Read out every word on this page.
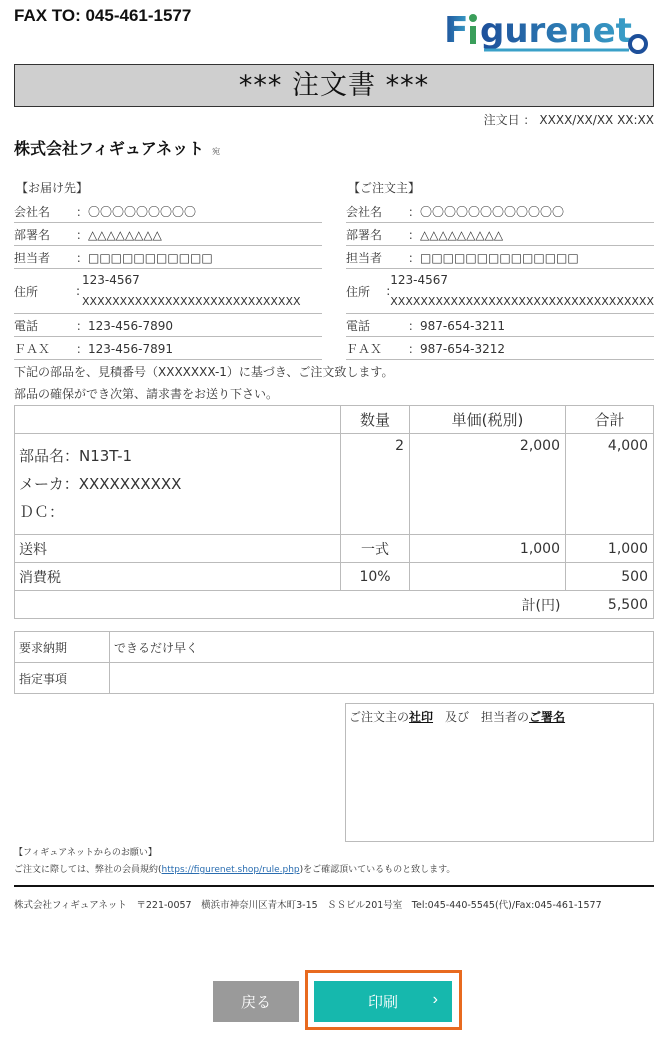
FAX TO: 045-461-1577	F gurenet
*** 注文書 ***
注文日 ： XXXX/XX/XX XX:XX
株式会社フィギュアネット 宛
【お届け先】
会社名	：〇〇〇〇〇〇〇〇〇
部署名	：△△△△△△△△
担当者	：□□□□□□□□□□□
住所	:
123-4567
XXXXXXXXXXXXXXXXXXXXXXXXXXXXX
電話	：123-456-7890
ＦＡＸ	：123-456-7891
【ご注文主】
会社名	：〇〇〇〇〇〇〇〇〇〇〇〇
部署名	：△△△△△△△△△
担当者	：□□□□□□□□□□□□□□
住所	:
123-4567
XXXXXXXXXXXXXXXXXXXXXXXXXXXXXXXXXXX
電話	：987-654-3211
ＦＡＸ	：987-654-3212
下記の部品を、見積番号（XXXXXXX-1）に基づき、ご注文致します。
部品の確保ができ次第、請求書をお送り下さい。
	数量	単価(税別)	合計

部品名：N13T-1
メーカ：XXXXXXXXXX
ＤＣ：	2	2,000	4,000
送料	一式	1,000	1,000
消費税	10%		500
計(円)			5,500
要求納期	できるだけ早く
指定事項	
ご注文主の社印　及び　担当者のご署名
【フィギュアネットからのお願い】
ご注文に際しては、弊社の会員規約(https://figurenet.shop/rule.php)をご確認頂いているものと致します。
株式会社フィギュアネット　〒221-0057　横浜市神奈川区青木町3-15　ＳＳビル201号室　Tel:045-440-5545(代)/Fax:045-461-1577
戻る	印刷 ›
